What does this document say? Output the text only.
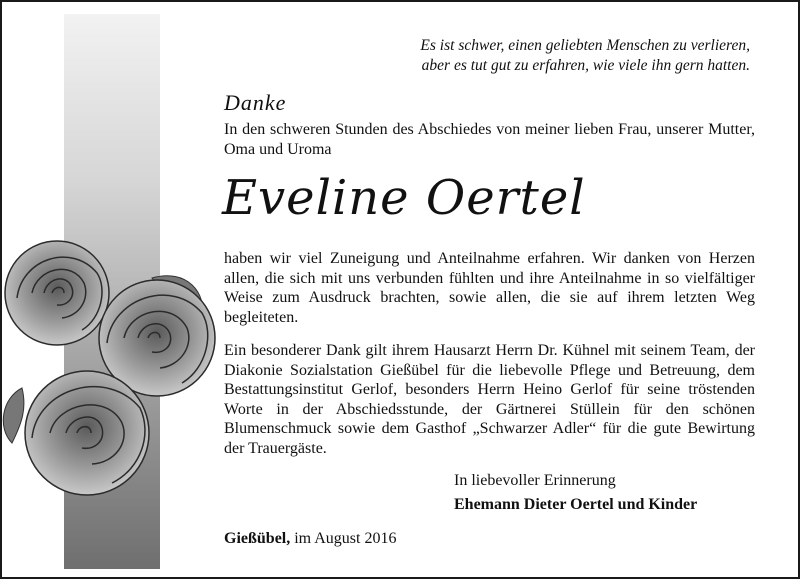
Es ist schwer, einen geliebten Menschen zu verlieren,
aber es tut gut zu erfahren, wie viele ihn gern hatten.
Danke
In den schweren Stunden des Abschiedes von meiner lieben Frau, unserer Mutter, Oma und Uroma
Eveline Oertel
haben wir viel Zuneigung und Anteilnahme erfahren. Wir danken von Herzen allen, die sich mit uns verbunden fühlten und ihre Anteilnahme in so vielfältiger Weise zum Ausdruck brachten, sowie allen, die sie auf ihrem letzten Weg begleiteten.
Ein besonderer Dank gilt ihrem Hausarzt Herrn Dr. Kühnel mit seinem Team, der Diakonie Sozialstation Gießübel für die liebevolle Pflege und Betreuung, dem Bestattungsinstitut Gerlof, besonders Herrn Heino Gerlof für seine tröstenden Worte in der Abschiedsstunde, der Gärtnerei Stüllein für den schönen Blumenschmuck sowie dem Gasthof „Schwarzer Adler“ für die gute Bewirtung der Trauergäste.
In liebevoller Erinnerung
Ehemann Dieter Oertel und Kinder
Gießübel, im August 2016
